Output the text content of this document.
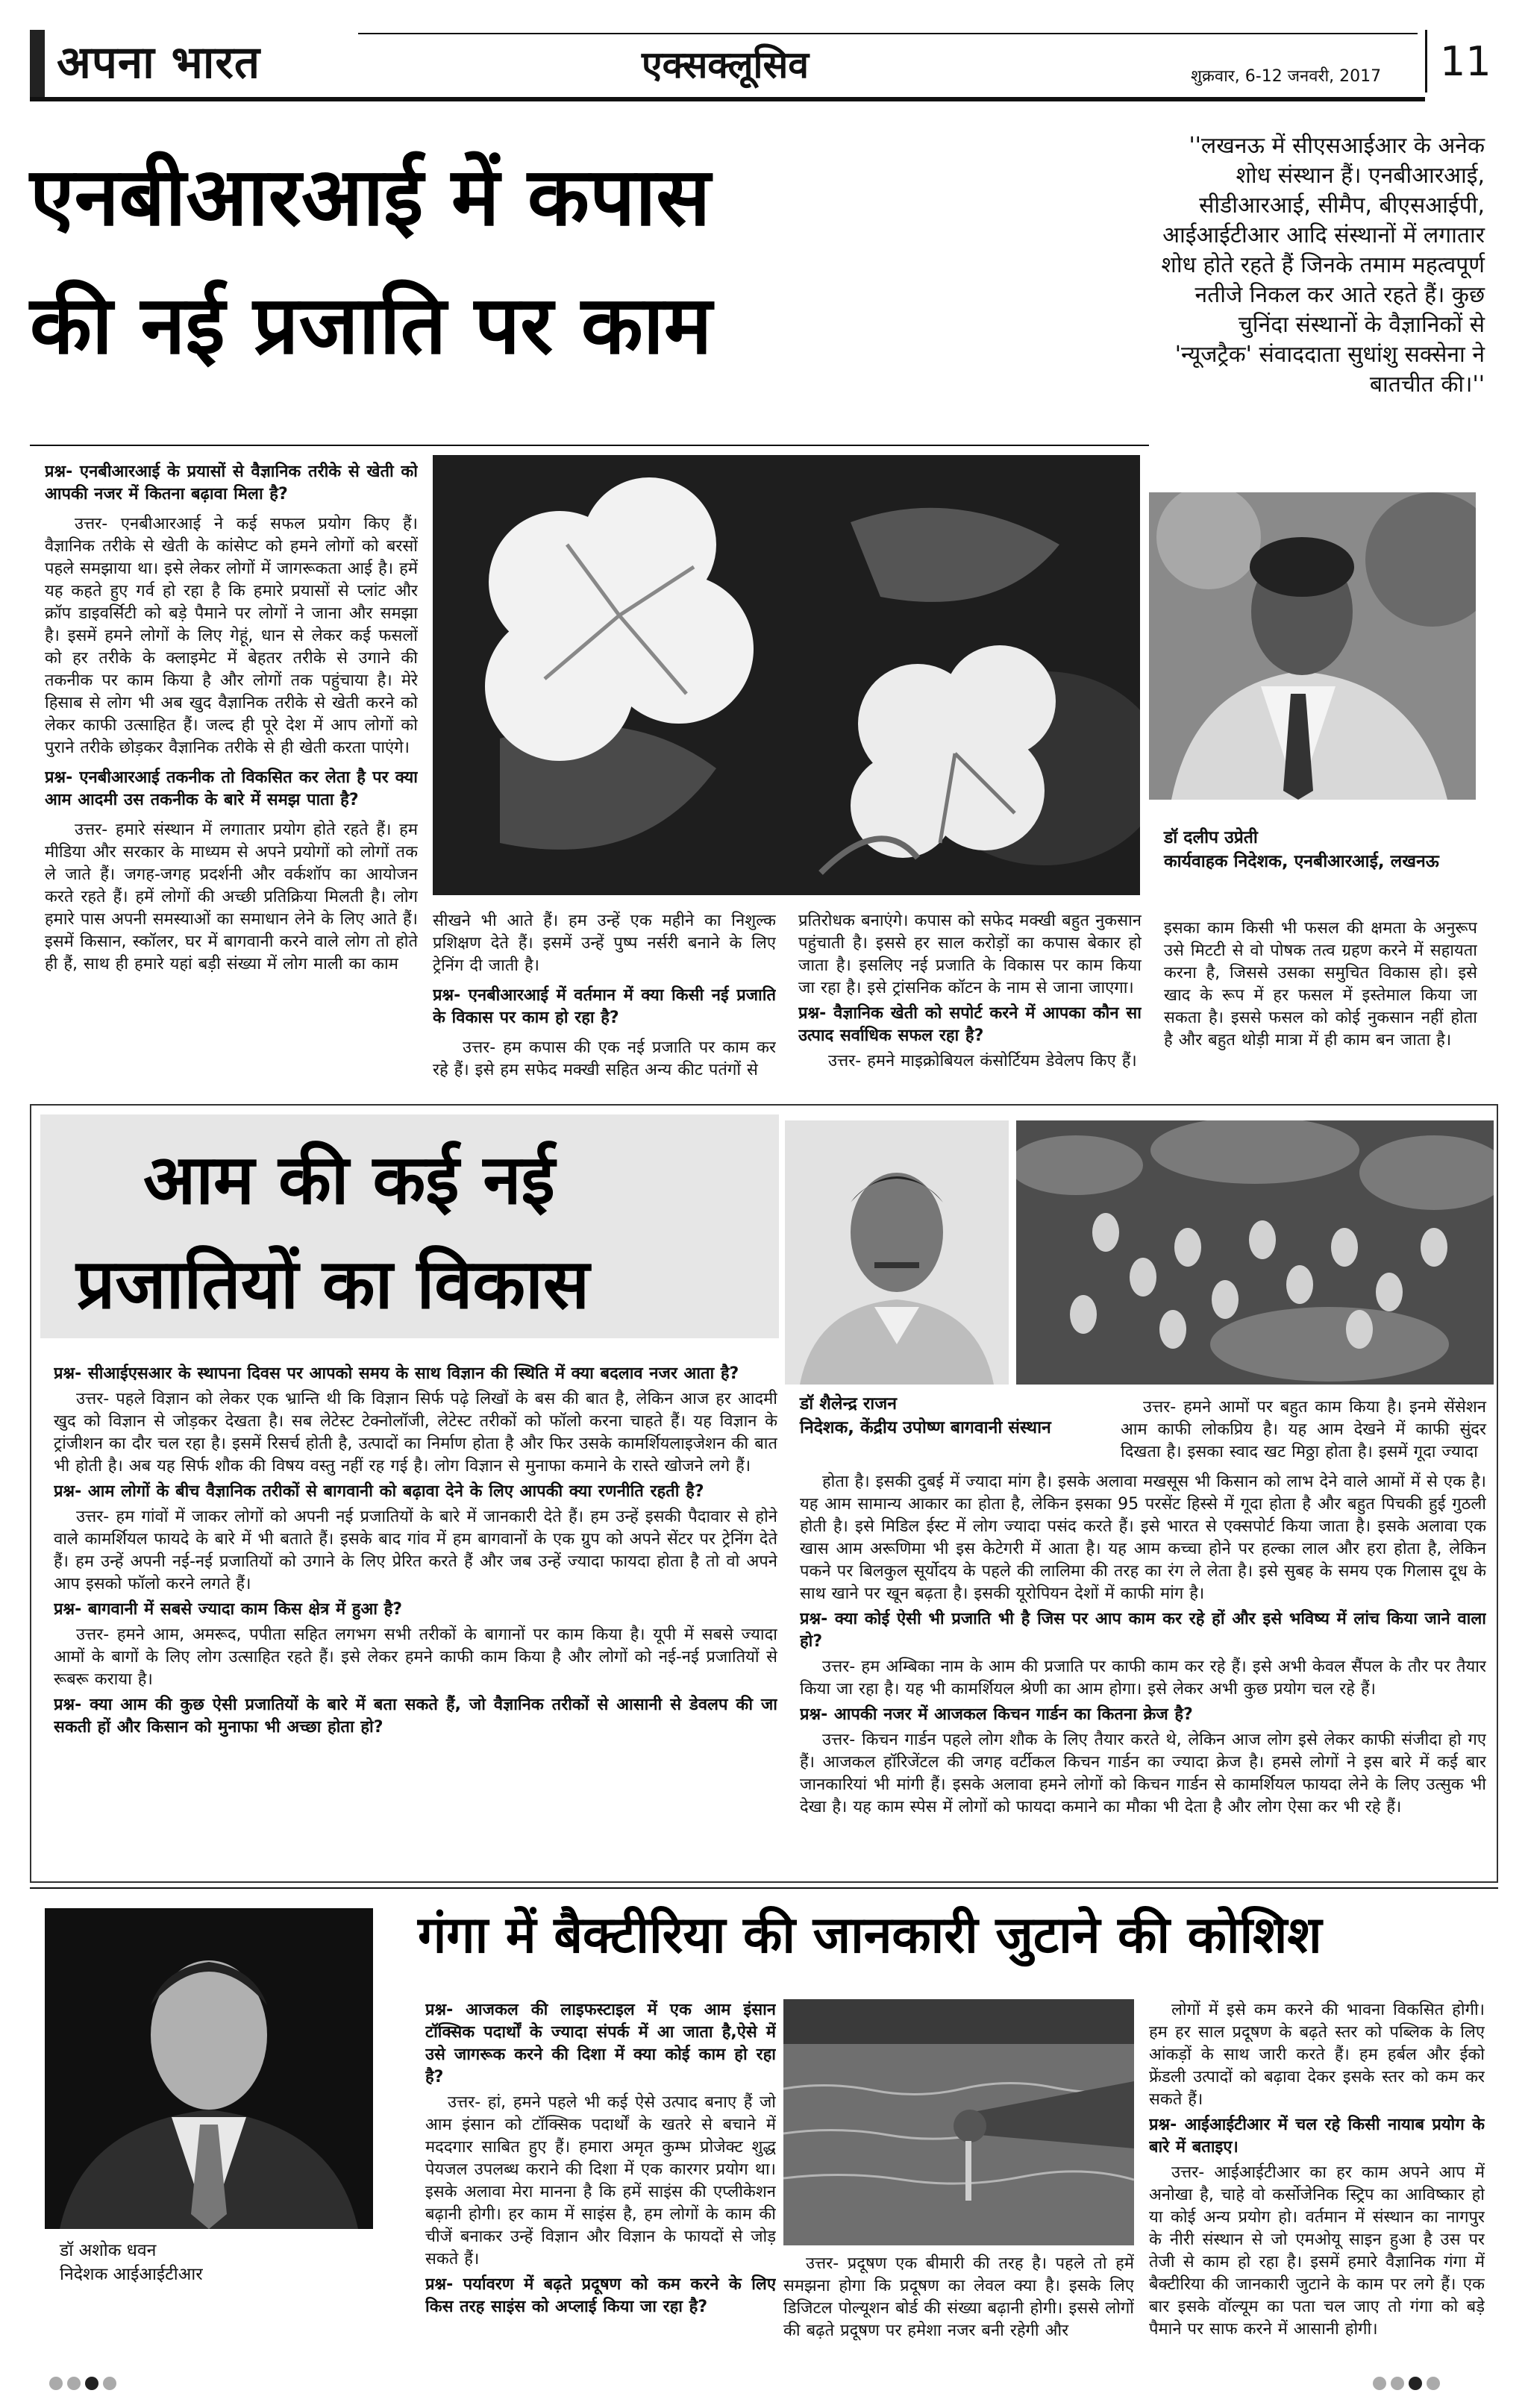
अपना भारत	एक्सक्लूसिव	शुक्रवार, 6-12 जनवरी, 2017 11
एनबीआरआई में कपास
की नई प्रजाति पर काम
''लखनऊ में सीएसआईआर के अनेक शोध संस्थान हैं। एनबीआरआई, सीडीआरआई, सीमैप, बीएसआईपी, आईआईटीआर आदि संस्थानों में लगातार शोध होते रहते हैं जिनके तमाम महत्वपूर्ण नतीजे निकल कर आते रहते हैं। कुछ चुनिंदा संस्थानों के वैज्ञानिकों से 'न्यूजट्रैक' संवाददाता सुधांशु सक्सेना ने बातचीत की।''
प्रश्न- एनबीआरआई के प्रयासों से वैज्ञानिक तरीके से खेती को आपकी नजर में कितना बढ़ावा मिला है?
उत्तर- एनबीआरआई ने कई सफल प्रयोग किए हैं। वैज्ञानिक तरीके से खेती के कांसेप्ट को हमने लोगों को बरसों पहले समझाया था। इसे लेकर लोगों में जागरूकता आई है। हमें यह कहते हुए गर्व हो रहा है कि हमारे प्रयासों से प्लांट और क्रॉप डाइवर्सिटी को बड़े पैमाने पर लोगों ने जाना और समझा है। इसमें हमने लोगों के लिए गेहूं, धान से लेकर कई फसलों को हर तरीके के क्लाइमेट में बेहतर तरीके से उगाने की तकनीक पर काम किया है और लोगों तक पहुंचाया है। मेरे हिसाब से लोग भी अब खुद वैज्ञानिक तरीके से खेती करने को लेकर काफी उत्साहित हैं। जल्द ही पूरे देश में आप लोगों को पुराने तरीके छोड़कर वैज्ञानिक तरीके से ही खेती करता पाएंगे।
प्रश्न- एनबीआरआई तकनीक तो विकसित कर लेता है पर क्या आम आदमी उस तकनीक के बारे में समझ पाता है?
उत्तर- हमारे संस्थान में लगातार प्रयोग होते रहते हैं। हम मीडिया और सरकार के माध्यम से अपने प्रयोगों को लोगों तक ले जाते हैं। जगह-जगह प्रदर्शनी और वर्कशॉप का आयोजन करते रहते हैं। हमें लोगों की अच्छी प्रतिक्रिया मिलती है। लोग हमारे पास अपनी समस्याओं का समाधान लेने के लिए आते हैं। इसमें किसान, स्कॉलर, घर में बागवानी करने वाले लोग तो होते ही हैं, साथ ही हमारे यहां बड़ी संख्या में लोग माली का काम
डॉ दलीप उप्रेती
कार्यवाहक निदेशक, एनबीआरआई, लखनऊ
सीखने भी आते हैं। हम उन्हें एक महीने का निशुल्क प्रशिक्षण देते हैं। इसमें उन्हें पुष्प नर्सरी बनाने के लिए ट्रेनिंग दी जाती है।
प्रश्न- एनबीआरआई में वर्तमान में क्या किसी नई प्रजाति के विकास पर काम हो रहा है?
उत्तर- हम कपास की एक नई प्रजाति पर काम कर रहे हैं। इसे हम सफेद मक्खी सहित अन्य कीट पतंगों से
प्रतिरोधक बनाएंगे। कपास को सफेद मक्खी बहुत नुकसान पहुंचाती है। इससे हर साल करोड़ों का कपास बेकार हो जाता है। इसलिए नई प्रजाति के विकास पर काम किया जा रहा है। इसे ट्रांसनिक कॉटन के नाम से जाना जाएगा।
प्रश्न- वैज्ञानिक खेती को सपोर्ट करने में आपका कौन सा उत्पाद सर्वाधिक सफल रहा है?
उत्तर- हमने माइक्रोबियल कंसोर्टियम डेवेलप किए हैं।
इसका काम किसी भी फसल की क्षमता के अनुरूप उसे मिटटी से वो पोषक तत्व ग्रहण करने में सहायता करना है, जिससे उसका समुचित विकास हो। इसे खाद के रूप में हर फसल में इस्तेमाल किया जा सकता है। इससे फसल को कोई नुकसान नहीं होता है और बहुत थोड़ी मात्रा में ही काम बन जाता है।
आम की कई नई
प्रजातियों का विकास
डॉ शैलेन्द्र राजन
निदेशक, केंद्रीय उपोष्ण बागवानी संस्थान
प्रश्न- सीआईएसआर के स्थापना दिवस पर आपको समय के साथ विज्ञान की स्थिति में क्या बदलाव नजर आता है?
उत्तर- पहले विज्ञान को लेकर एक भ्रान्ति थी कि विज्ञान सिर्फ पढ़े लिखों के बस की बात है, लेकिन आज हर आदमी खुद को विज्ञान से जोड़कर देखता है। सब लेटेस्ट टेक्नोलॉजी, लेटेस्ट तरीकों को फॉलो करना चाहते हैं। यह विज्ञान के ट्रांजीशन का दौर चल रहा है। इसमें रिसर्च होती है, उत्पादों का निर्माण होता है और फिर उसके कामर्शियलाइजेशन की बात भी होती है। अब यह सिर्फ शौक की विषय वस्तु नहीं रह गई है। लोग विज्ञान से मुनाफा कमाने के रास्ते खोजने लगे हैं।
प्रश्न- आम लोगों के बीच वैज्ञानिक तरीकों से बागवानी को बढ़ावा देने के लिए आपकी क्या रणनीति रहती है?
उत्तर- हम गांवों में जाकर लोगों को अपनी नई प्रजातियों के बारे में जानकारी देते हैं। हम उन्हें इसकी पैदावार से होने वाले कामर्शियल फायदे के बारे में भी बताते हैं। इसके बाद गांव में हम बागवानों के एक ग्रुप को अपने सेंटर पर ट्रेनिंग देते हैं। हम उन्हें अपनी नई-नई प्रजातियों को उगाने के लिए प्रेरित करते हैं और जब उन्हें ज्यादा फायदा होता है तो वो अपने आप इसको फॉलो करने लगते हैं।
प्रश्न- बागवानी में सबसे ज्यादा काम किस क्षेत्र में हुआ है?
उत्तर- हमने आम, अमरूद, पपीता सहित लगभग सभी तरीकों के बागानों पर काम किया है। यूपी में सबसे ज्यादा आमों के बागों के लिए लोग उत्साहित रहते हैं। इसे लेकर हमने काफी काम किया है और लोगों को नई-नई प्रजातियों से रूबरू कराया है।
प्रश्न- क्या आम की कुछ ऐसी प्रजातियों के बारे में बता सकते हैं, जो वैज्ञानिक तरीकों से आसानी से डेवलप की जा सकती हों और किसान को मुनाफा भी अच्छा होता हो?
उत्तर- हमने आमों पर बहुत काम किया है। इनमे सेंसेशन आम काफी लोकप्रिय है। यह आम देखने में काफी सुंदर दिखता है। इसका स्वाद खट मिठ्ठा होता है। इसमें गूदा ज्यादा
होता है। इसकी दुबई में ज्यादा मांग है। इसके अलावा मखसूस भी किसान को लाभ देने वाले आमों में से एक है। यह आम सामान्य आकार का होता है, लेकिन इसका 95 परसेंट हिस्से में गूदा होता है और बहुत पिचकी हुई गुठली होती है। इसे मिडिल ईस्ट में लोग ज्यादा पसंद करते हैं। इसे भारत से एक्सपोर्ट किया जाता है। इसके अलावा एक खास आम अरूणिमा भी इस केटेगरी में आता है। यह आम कच्चा होने पर हल्का लाल और हरा होता है, लेकिन पकने पर बिलकुल सूर्योदय के पहले की लालिमा की तरह का रंग ले लेता है। इसे सुबह के समय एक गिलास दूध के साथ खाने पर खून बढ़ता है। इसकी यूरोपियन देशों में काफी मांग है।
प्रश्न- क्या कोई ऐसी भी प्रजाति भी है जिस पर आप काम कर रहे हों और इसे भविष्य में लांच किया जाने वाला हो?
उत्तर- हम अम्बिका नाम के आम की प्रजाति पर काफी काम कर रहे हैं। इसे अभी केवल सैंपल के तौर पर तैयार किया जा रहा है। यह भी कामर्शियल श्रेणी का आम होगा। इसे लेकर अभी कुछ प्रयोग चल रहे हैं।
प्रश्न- आपकी नजर में आजकल किचन गार्डन का कितना क्रेज है?
उत्तर- किचन गार्डन पहले लोग शौक के लिए तैयार करते थे, लेकिन आज लोग इसे लेकर काफी संजीदा हो गए हैं। आजकल हॉरिजेंटल की जगह वर्टीकल किचन गार्डन का ज्यादा क्रेज है। हमसे लोगों ने इस बारे में कई बार जानकारियां भी मांगी हैं। इसके अलावा हमने लोगों को किचन गार्डन से कामर्शियल फायदा लेने के लिए उत्सुक भी देखा है। यह काम स्पेस में लोगों को फायदा कमाने का मौका भी देता है और लोग ऐसा कर भी रहे हैं।
डॉ अशोक धवन
निदेशक आईआईटीआर
गंगा में बैक्टीरिया की जानकारी जुटाने की कोशिश
प्रश्न- आजकल की लाइफस्टाइल में एक आम इंसान टॉक्सिक पदार्थों के ज्यादा संपर्क में आ जाता है,ऐसे में उसे जागरूक करने की दिशा में क्या कोई काम हो रहा है?
उत्तर- हां, हमने पहले भी कई ऐसे उत्पाद बनाए हैं जो आम इंसान को टॉक्सिक पदार्थों के खतरे से बचाने में मददगार साबित हुए हैं। हमारा अमृत कुम्भ प्रोजेक्ट शुद्ध पेयजल उपलब्ध कराने की दिशा में एक कारगर प्रयोग था। इसके अलावा मेरा मानना है कि हमें साइंस की एप्लीकेशन बढ़ानी होगी। हर काम में साइंस है, हम लोगों के काम की चीजें बनाकर उन्हें विज्ञान और विज्ञान के फायदों से जोड़ सकते हैं।
प्रश्न- पर्यावरण में बढ़ते प्रदूषण को कम करने के लिए किस तरह साइंस को अप्लाई किया जा रहा है?
उत्तर- प्रदूषण एक बीमारी की तरह है। पहले तो हमें समझना होगा कि प्रदूषण का लेवल क्या है। इसके लिए डिजिटल पोल्यूशन बोर्ड की संख्या बढ़ानी होगी। इससे लोगों की बढ़ते प्रदूषण पर हमेशा नजर बनी रहेगी और
लोगों में इसे कम करने की भावना विकसित होगी। हम हर साल प्रदूषण के बढ़ते स्तर को पब्लिक के लिए आंकड़ों के साथ जारी करते हैं। हम हर्बल और ईको फ्रेंडली उत्पादों को बढ़ावा देकर इसके स्तर को कम कर सकते हैं।
प्रश्न- आईआईटीआर में चल रहे किसी नायाब प्रयोग के बारे में बताइए।
उत्तर- आईआईटीआर का हर काम अपने आप में अनोखा है, चाहे वो कर्सोजेनिक स्ट्रिप का आविष्कार हो या कोई अन्य प्रयोग हो। वर्तमान में संस्थान का नागपुर के नीरी संस्थान से जो एमओयू साइन हुआ है उस पर तेजी से काम हो रहा है। इसमें हमारे वैज्ञानिक गंगा में बैक्टीरिया की जानकारी जुटाने के काम पर लगे हैं। एक बार इसके वॉल्यूम का पता चल जाए तो गंगा को बड़े पैमाने पर साफ करने में आसानी होगी।
